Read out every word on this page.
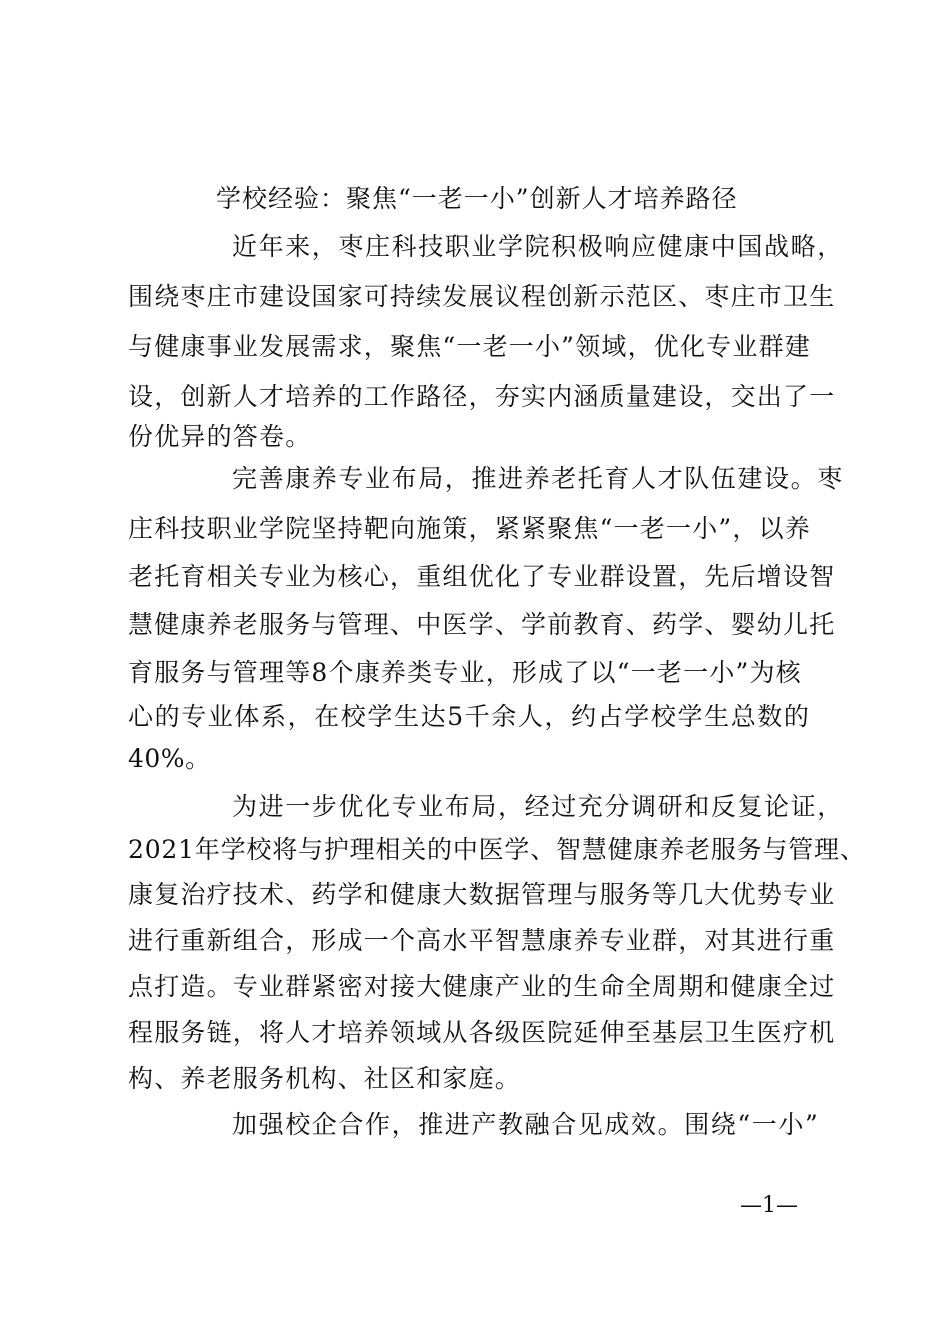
学校经验：聚焦“一老一小”创新人才培养路径
近年来，枣庄科技职业学院积极响应健康中国战略，
围绕枣庄市建设国家可持续发展议程创新示范区、枣庄市卫生
与健康事业发展需求，聚焦“一老一小”领域，优化专业群建
设，创新人才培养的工作路径，夯实内涵质量建设，交出了一
份优异的答卷。
完善康养专业布局，推进养老托育人才队伍建设。枣
庄科技职业学院坚持靶向施策，紧紧聚焦“一老一小”，以养
老托育相关专业为核心，重组优化了专业群设置，先后增设智
慧健康养老服务与管理、中医学、学前教育、药学、婴幼儿托
育服务与管理等8个康养类专业，形成了以“一老一小”为核
心的专业体系，在校学生达5千余人，约占学校学生总数的
40%。
为进一步优化专业布局，经过充分调研和反复论证，
2021年学校将与护理相关的中医学、智慧健康养老服务与管理、
康复治疗技术、药学和健康大数据管理与服务等几大优势专业
进行重新组合，形成一个高水平智慧康养专业群，对其进行重
点打造。专业群紧密对接大健康产业的生命全周期和健康全过
程服务链，将人才培养领域从各级医院延伸至基层卫生医疗机
构、养老服务机构、社区和家庭。
加强校企合作，推进产教融合见成效。围绕“一小”
—1—
